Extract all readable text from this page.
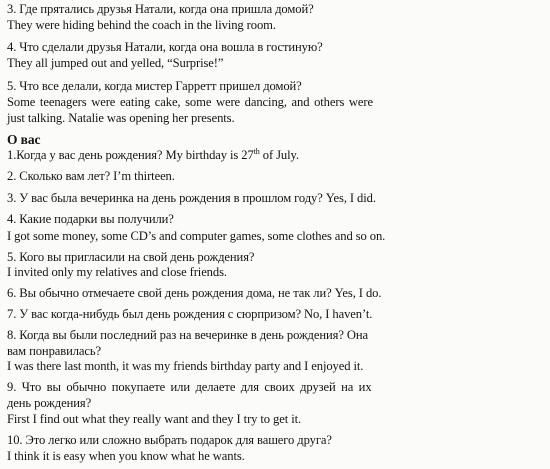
3. Где прятались друзья Натали, когда она пришла домой?
They were hiding behind the coach in the living room.
4. Что сделали друзья Натали, когда она вошла в гостиную?
They all jumped out and yelled, “Surprise!”
5. Что все делали, когда мистер Гарретт пришел домой?
Some teenagers were eating cake, some were dancing, and others were
just talking. Natalie was opening her presents.
О вас
1.Когда у вас день рождения? My birthday is 27th of July.
2. Сколько вам лет? I’m thirteen.
3. У вас была вечеринка на день рождения в прошлом году? Yes, I did.
4. Какие подарки вы получили?
I got some money, some CD’s and computer games, some clothes and so on.
5. Кого вы пригласили на свой день рождения?
I invited only my relatives and close friends.
6. Вы обычно отмечаете свой день рождения дома, не так ли? Yes, I do.
7. У вас когда-нибудь был день рождения с сюрпризом? No, I haven’t.
8. Когда вы были последний раз на вечеринке в день рождения? Она
вам понравилась?
I was there last month, it was my friends birthday party and I enjoyed it.
9. Что вы обычно покупаете или делаете для своих друзей на их
день рождения?
First I find out what they really want and they I try to get it.
10. Это легко или сложно выбрать подарок для вашего друга?
I think it is easy when you know what he wants.
